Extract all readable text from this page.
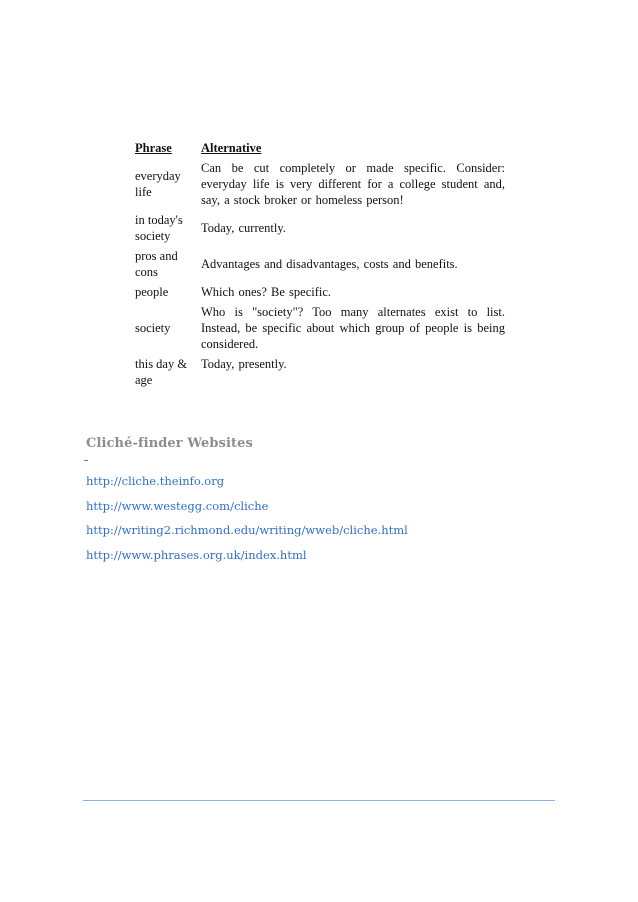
Phrase	Alternative
everyday life	Can be cut completely or made specific. Consider: everyday life is very different for a college student and, say, a stock broker or homeless person!
in today's society	Today, currently.
pros and cons	Advantages and disadvantages, costs and benefits.
people	Which ones? Be specific.
society	Who is "society"? Too many alternates exist to list. Instead, be specific about which group of people is being considered.
this day & age	Today, presently.
Cliché-finder Websites
http://cliche.theinfo.org
http://www.westegg.com/cliche
http://writing2.richmond.edu/writing/wweb/cliche.html
http://www.phrases.org.uk/index.html
